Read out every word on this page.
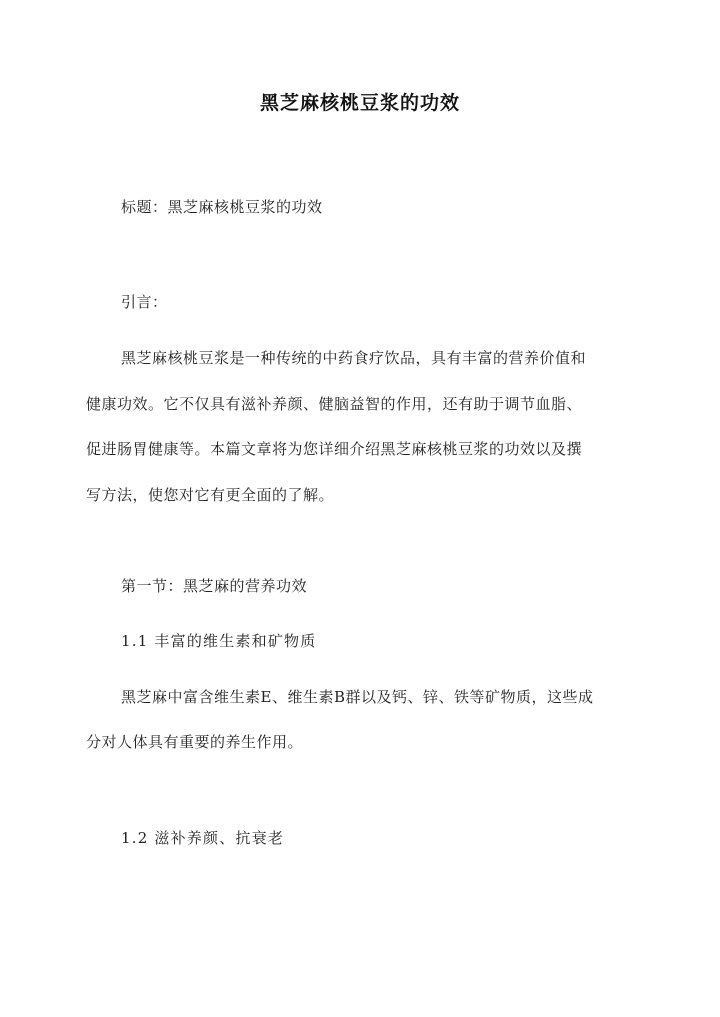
黑芝麻核桃豆浆的功效
标题：黑芝麻核桃豆浆的功效
引言：
黑芝麻核桃豆浆是一种传统的中药食疗饮品，具有丰富的营养价值和
健康功效。它不仅具有滋补养颜、健脑益智的作用，还有助于调节血脂、
促进肠胃健康等。本篇文章将为您详细介绍黑芝麻核桃豆浆的功效以及撰
写方法，使您对它有更全面的了解。
第一节：黑芝麻的营养功效
1.1 丰富的维生素和矿物质
黑芝麻中富含维生素E、维生素B群以及钙、锌、铁等矿物质，这些成
分对人体具有重要的养生作用。
1.2 滋补养颜、抗衰老
